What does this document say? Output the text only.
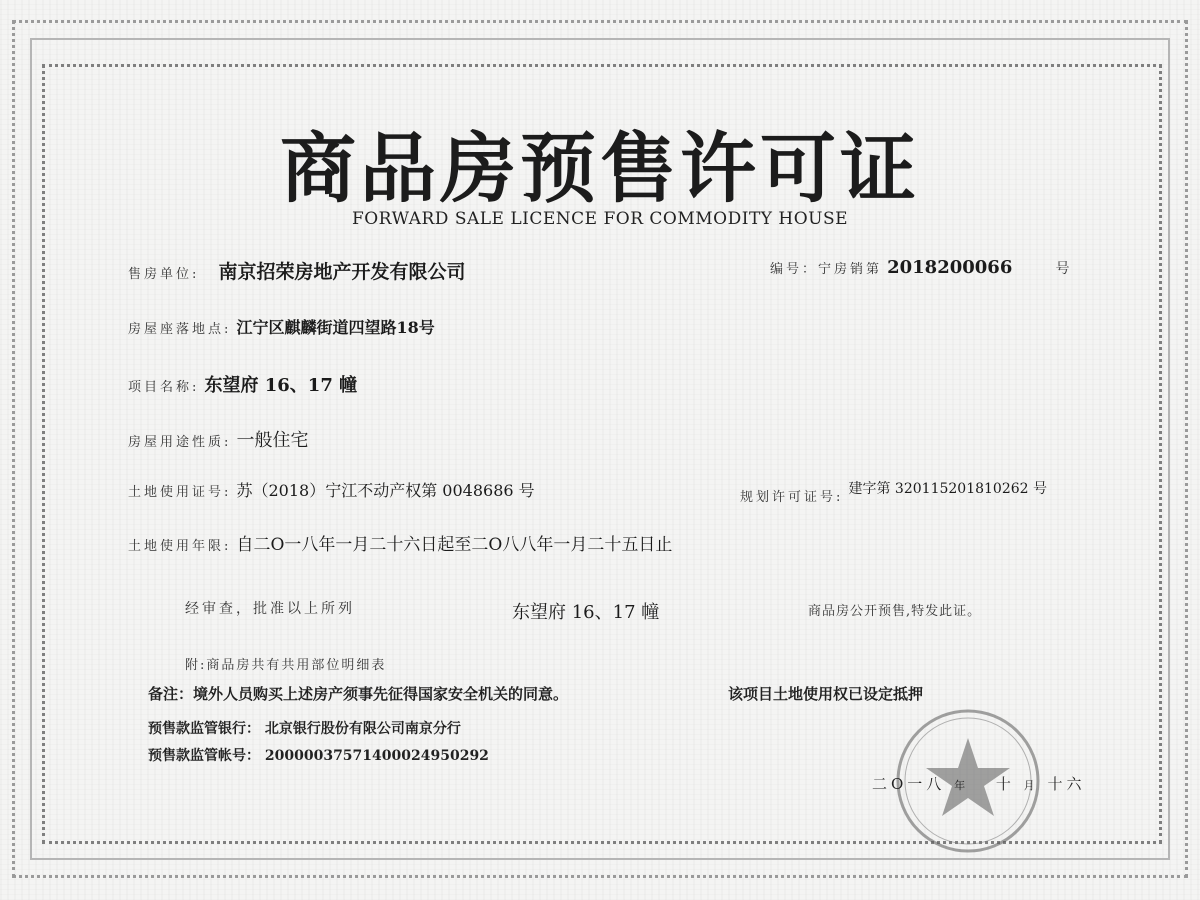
商品房预售许可证
FORWARD SALE LICENCE FOR COMMODITY HOUSE
售房单位: 南京招荣房地产开发有限公司	编号：宁房销第 2018200066	号
房屋座落地点: 江宁区麒麟街道四望路18号
项目名称: 东望府 16、17 幢
房屋用途性质: 一般住宅
土地使用证号: 苏（2018）宁江不动产权第 0048686 号	$_{规划许可证号:}$ 建字第 320115201810262 号
土地使用年限: 自二O一八年一月二十六日起至二O八八年一月二十五日止
经审查，批准以上所列	东望府 16、17 幢	商品房公开预售,特发此证。
附:商品房共有共用部位明细表
备注：境外人员购买上述房产须事先征得国家安全机关的同意。	该项目土地使用权已设定抵押
预售款监管银行： 北京银行股份有限公司南京分行
预售款监管帐号： 20000037571400024950292
二O一八 年 十 月 十六
